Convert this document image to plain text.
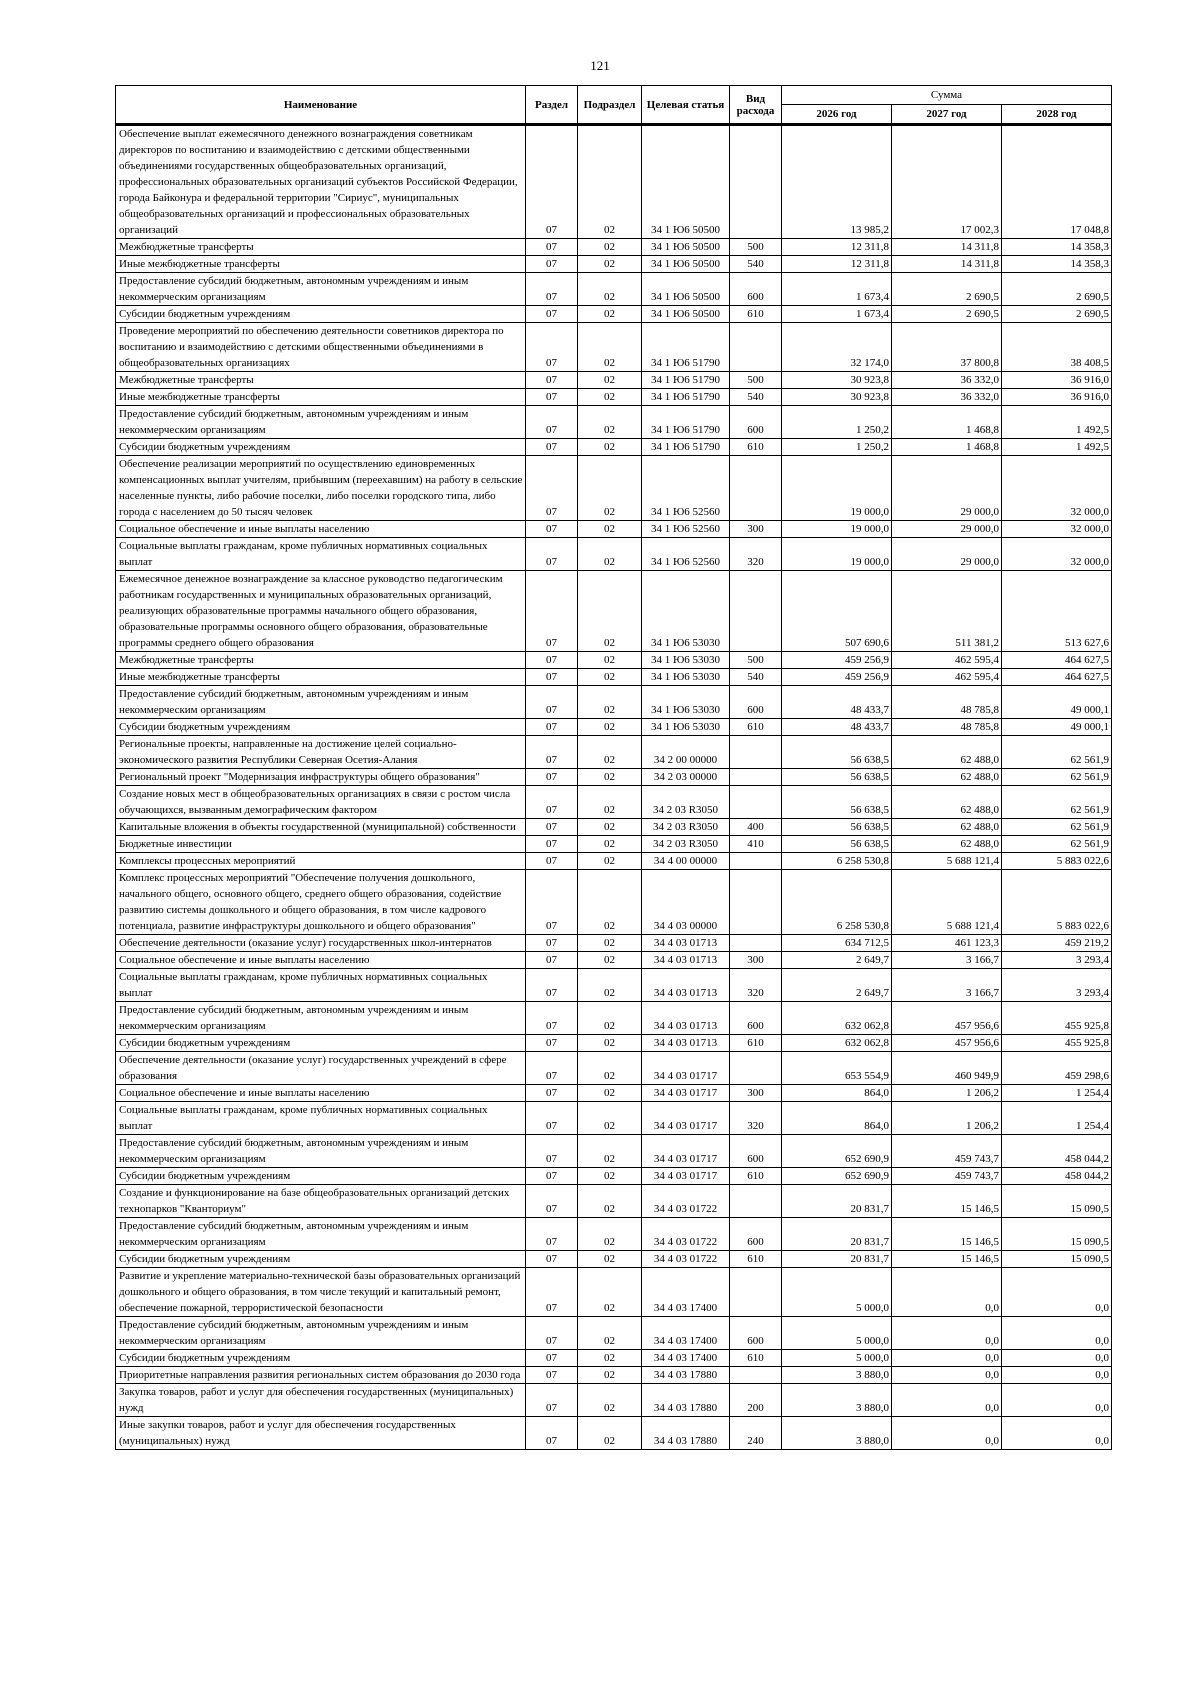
121
Наименование	Раздел	Подраздел	Целевая статья	Вид расхода	Сумма		
					2026 год	2027 год	2028 год
Обеспечение выплат ежемесячного денежного вознаграждения советникам директоров по воспитанию и взаимодействию с детскими общественными объединениями государственных общеобразовательных организаций, профессиональных образовательных организаций субъектов Российской Федерации, города Байконура и федеральной территории "Сириус", муниципальных общеобразовательных организаций и профессиональных образовательных организаций	07	02	34 1 Ю6 50500		13 985,2	17 002,3	17 048,8
Межбюджетные трансферты	07	02	34 1 Ю6 50500	500	12 311,8	14 311,8	14 358,3
Иные межбюджетные трансферты	07	02	34 1 Ю6 50500	540	12 311,8	14 311,8	14 358,3
Предоставление субсидий бюджетным, автономным учреждениям и иным некоммерческим организациям	07	02	34 1 Ю6 50500	600	1 673,4	2 690,5	2 690,5
Субсидии бюджетным учреждениям	07	02	34 1 Ю6 50500	610	1 673,4	2 690,5	2 690,5
Проведение мероприятий по обеспечению деятельности советников директора по воспитанию и взаимодействию с детскими общественными объединениями в общеобразовательных организациях	07	02	34 1 Ю6 51790		32 174,0	37 800,8	38 408,5
Межбюджетные трансферты	07	02	34 1 Ю6 51790	500	30 923,8	36 332,0	36 916,0
Иные межбюджетные трансферты	07	02	34 1 Ю6 51790	540	30 923,8	36 332,0	36 916,0
Предоставление субсидий бюджетным, автономным учреждениям и иным некоммерческим организациям	07	02	34 1 Ю6 51790	600	1 250,2	1 468,8	1 492,5
Субсидии бюджетным учреждениям	07	02	34 1 Ю6 51790	610	1 250,2	1 468,8	1 492,5
Обеспечение реализации мероприятий по осуществлению единовременных компенсационных выплат учителям, прибывшим (переехавшим) на работу в сельские населенные пункты, либо рабочие поселки, либо поселки городского типа, либо города с населением до 50 тысяч человек	07	02	34 1 Ю6 52560		19 000,0	29 000,0	32 000,0
Социальное обеспечение и иные выплаты населению	07	02	34 1 Ю6 52560	300	19 000,0	29 000,0	32 000,0
Социальные выплаты гражданам, кроме публичных нормативных социальных выплат	07	02	34 1 Ю6 52560	320	19 000,0	29 000,0	32 000,0
Ежемесячное денежное вознаграждение за классное руководство педагогическим работникам государственных и муниципальных образовательных организаций, реализующих образовательные программы начального общего образования, образовательные программы основного общего образования, образовательные программы среднего общего образования	07	02	34 1 Ю6 53030		507 690,6	511 381,2	513 627,6
Межбюджетные трансферты	07	02	34 1 Ю6 53030	500	459 256,9	462 595,4	464 627,5
Иные межбюджетные трансферты	07	02	34 1 Ю6 53030	540	459 256,9	462 595,4	464 627,5
Предоставление субсидий бюджетным, автономным учреждениям и иным некоммерческим организациям	07	02	34 1 Ю6 53030	600	48 433,7	48 785,8	49 000,1
Субсидии бюджетным учреждениям	07	02	34 1 Ю6 53030	610	48 433,7	48 785,8	49 000,1
Региональные проекты, направленные на достижение целей социально-экономического развития Республики Северная Осетия-Алания	07	02	34 2 00 00000		56 638,5	62 488,0	62 561,9
Региональный проект "Модернизация инфраструктуры общего образования"	07	02	34 2 03 00000		56 638,5	62 488,0	62 561,9
Создание новых мест в общеобразовательных организациях в связи с ростом числа обучающихся, вызванным демографическим фактором	07	02	34 2 03 R3050		56 638,5	62 488,0	62 561,9
Капитальные вложения в объекты государственной (муниципальной) собственности	07	02	34 2 03 R3050	400	56 638,5	62 488,0	62 561,9
Бюджетные инвестиции	07	02	34 2 03 R3050	410	56 638,5	62 488,0	62 561,9
Комплексы процессных мероприятий	07	02	34 4 00 00000		6 258 530,8	5 688 121,4	5 883 022,6
Комплекс процессных мероприятий "Обеспечение получения дошкольного, начального общего, основного общего, среднего общего образования, содействие развитию системы дошкольного и общего образования, в том числе кадрового потенциала, развитие инфраструктуры дошкольного и общего образования"	07	02	34 4 03 00000		6 258 530,8	5 688 121,4	5 883 022,6
Обеспечение деятельности (оказание услуг) государственных школ-интернатов	07	02	34 4 03 01713		634 712,5	461 123,3	459 219,2
Социальное обеспечение и иные выплаты населению	07	02	34 4 03 01713	300	2 649,7	3 166,7	3 293,4
Социальные выплаты гражданам, кроме публичных нормативных социальных выплат	07	02	34 4 03 01713	320	2 649,7	3 166,7	3 293,4
Предоставление субсидий бюджетным, автономным учреждениям и иным некоммерческим организациям	07	02	34 4 03 01713	600	632 062,8	457 956,6	455 925,8
Субсидии бюджетным учреждениям	07	02	34 4 03 01713	610	632 062,8	457 956,6	455 925,8
Обеспечение деятельности (оказание услуг) государственных учреждений в сфере образования	07	02	34 4 03 01717		653 554,9	460 949,9	459 298,6
Социальное обеспечение и иные выплаты населению	07	02	34 4 03 01717	300	864,0	1 206,2	1 254,4
Социальные выплаты гражданам, кроме публичных нормативных социальных выплат	07	02	34 4 03 01717	320	864,0	1 206,2	1 254,4
Предоставление субсидий бюджетным, автономным учреждениям и иным некоммерческим организациям	07	02	34 4 03 01717	600	652 690,9	459 743,7	458 044,2
Субсидии бюджетным учреждениям	07	02	34 4 03 01717	610	652 690,9	459 743,7	458 044,2
Создание и функционирование на базе общеобразовательных организаций детских технопарков "Кванториум"	07	02	34 4 03 01722		20 831,7	15 146,5	15 090,5
Предоставление субсидий бюджетным, автономным учреждениям и иным некоммерческим организациям	07	02	34 4 03 01722	600	20 831,7	15 146,5	15 090,5
Субсидии бюджетным учреждениям	07	02	34 4 03 01722	610	20 831,7	15 146,5	15 090,5
Развитие и укрепление материально-технической базы образовательных организаций дошкольного и общего образования, в том числе текущий и капитальный ремонт, обеспечение пожарной, террористической безопасности	07	02	34 4 03 17400		5 000,0	0,0	0,0
Предоставление субсидий бюджетным, автономным учреждениям и иным некоммерческим организациям	07	02	34 4 03 17400	600	5 000,0	0,0	0,0
Субсидии бюджетным учреждениям	07	02	34 4 03 17400	610	5 000,0	0,0	0,0
Приоритетные направления развития региональных систем образования до 2030 года	07	02	34 4 03 17880		3 880,0	0,0	0,0
Закупка товаров, работ и услуг для обеспечения государственных (муниципальных) нужд	07	02	34 4 03 17880	200	3 880,0	0,0	0,0
Иные закупки товаров, работ и услуг для обеспечения государственных (муниципальных) нужд	07	02	34 4 03 17880	240	3 880,0	0,0	0,0
